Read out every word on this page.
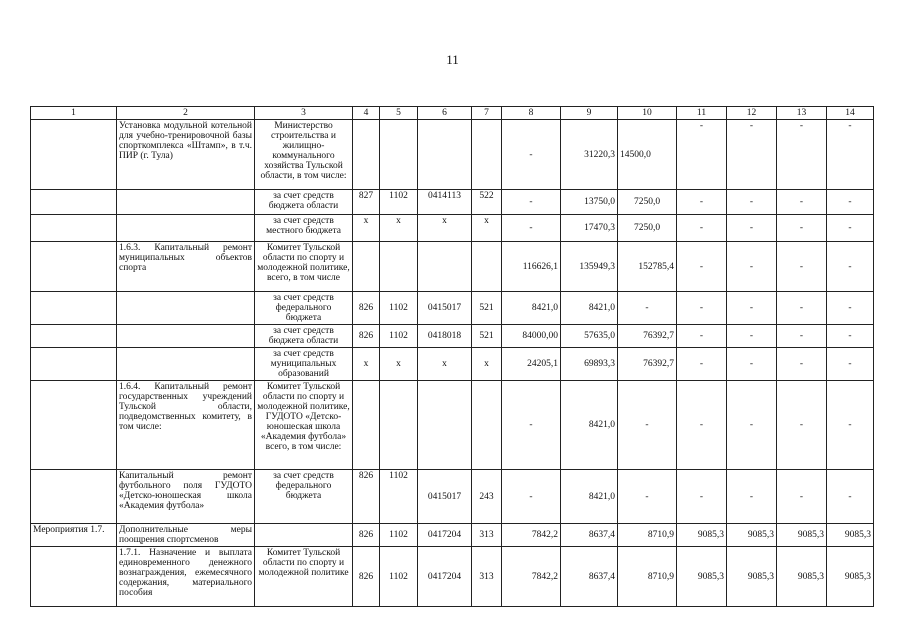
11
1	2	3	4	5	6	7	8	9	10	11	12	13	14
	Установка модульной котельной для учебно-тренировочной базы спорткомплекса «Штамп», в т.ч. ПИР (г. Тула)	Министерство строительства и жилищно-коммунального хозяйства Тульской области, в том числе:					-	31220,3	14500,0	-	-	-	-
		за счет средств бюджета области	827	1102	0414113	522	-	13750,0	7250,0	-	-	-	-
		за счет средств местного бюджета	х	х	х	х	-	17470,3	7250,0	-	-	-	-
	1.6.3. Капитальный ремонт муниципальных объектов спорта	Комитет Тульской области по спорту и молодежной политике, всего, в том числе					116626,1	135949,3	152785,4	-	-	-	-
		за счет средств федерального бюджета	826	1102	0415017	521	8421,0	8421,0	-	-	-	-	-
		за счет средств бюджета области	826	1102	0418018	521	84000,00	57635,0	76392,7	-	-	-	-
		за счет средств муниципальных образований	х	х	х	х	24205,1	69893,3	76392,7	-	-	-	-
	1.6.4. Капитальный ремонт государственных учреждений Тульской области, подведомственных комитету, в том числе:	Комитет Тульской области по спорту и молодежной политике, ГУДОТО «Детско-юношеская школа «Академия футбола» всего, в том числе:					-	8421,0	-	-	-	-	-
	Капитальный ремонт футбольного поля ГУДОТО «Детско-юношеская школа «Академия футбола»	за счет средств федерального бюджета	826	1102	0415017	243	-	8421,0	-	-	-	-	-
Мероприятия 1.7.	Дополнительные меры поощрения спортсменов		826	1102	0417204	313	7842,2	8637,4	8710,9	9085,3	9085,3	9085,3	9085,3
	1.7.1. Назначение и выплата единовременного денежного вознаграждения, ежемесячного содержания, материального пособия	Комитет Тульской области по спорту и молодежной политике	826	1102	0417204	313	7842,2	8637,4	8710,9	9085,3	9085,3	9085,3	9085,3
